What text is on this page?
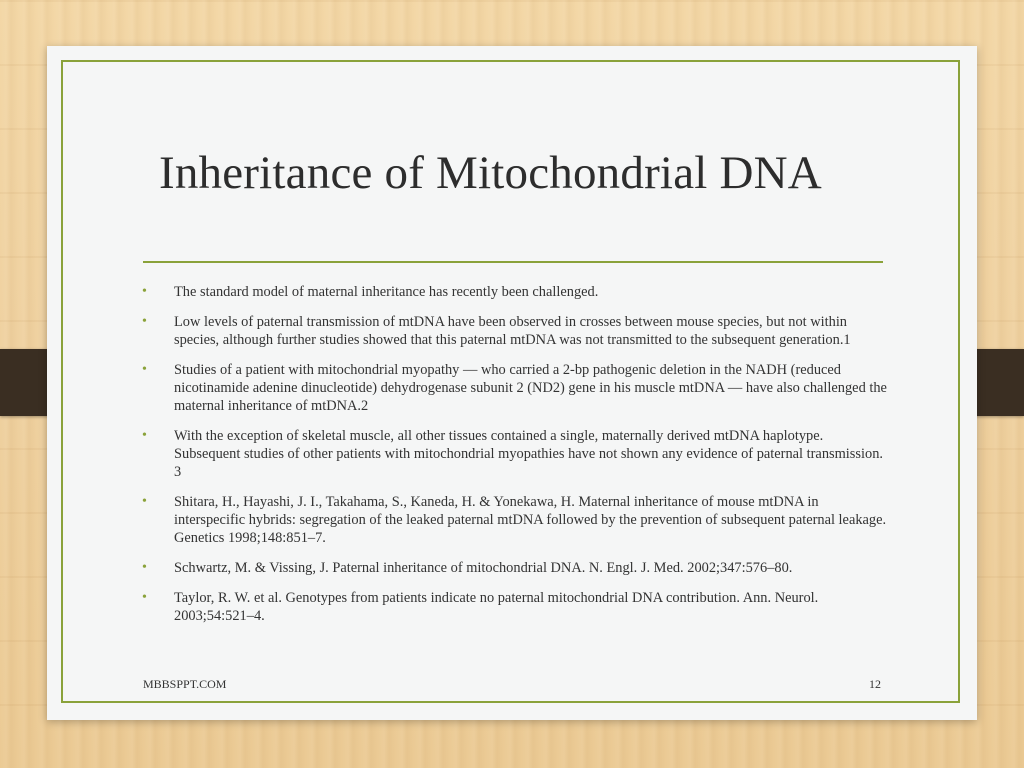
Inheritance of Mitochondrial DNA
• The standard model of maternal inheritance has recently been challenged.
• Low levels of paternal transmission of mtDNA have been observed in crosses between mouse species, but not within species, although further studies showed that this paternal mtDNA was not transmitted to the subsequent generation.1
• Studies of a patient with mitochondrial myopathy — who carried a 2-bp pathogenic deletion in the NADH (reduced nicotinamide adenine dinucleotide) dehydrogenase subunit 2 (ND2) gene in his muscle mtDNA — have also challenged the maternal inheritance of mtDNA.2
• With the exception of skeletal muscle, all other tissues contained a single, maternally derived mtDNA haplotype. Subsequent studies of other patients with mitochondrial myopathies have not shown any evidence of paternal transmission. 3
• Shitara, H., Hayashi, J. I., Takahama, S., Kaneda, H. & Yonekawa, H. Maternal inheritance of mouse mtDNA in interspecific hybrids: segregation of the leaked paternal mtDNA followed by the prevention of subsequent paternal leakage. Genetics 1998;148:851–7.
• Schwartz, M. & Vissing, J. Paternal inheritance of mitochondrial DNA. N. Engl. J. Med. 2002;347:576–80.
• Taylor, R. W. et al. Genotypes from patients indicate no paternal mitochondrial DNA contribution. Ann. Neurol. 2003;54:521–4.
MBBSPPT.COM	12
